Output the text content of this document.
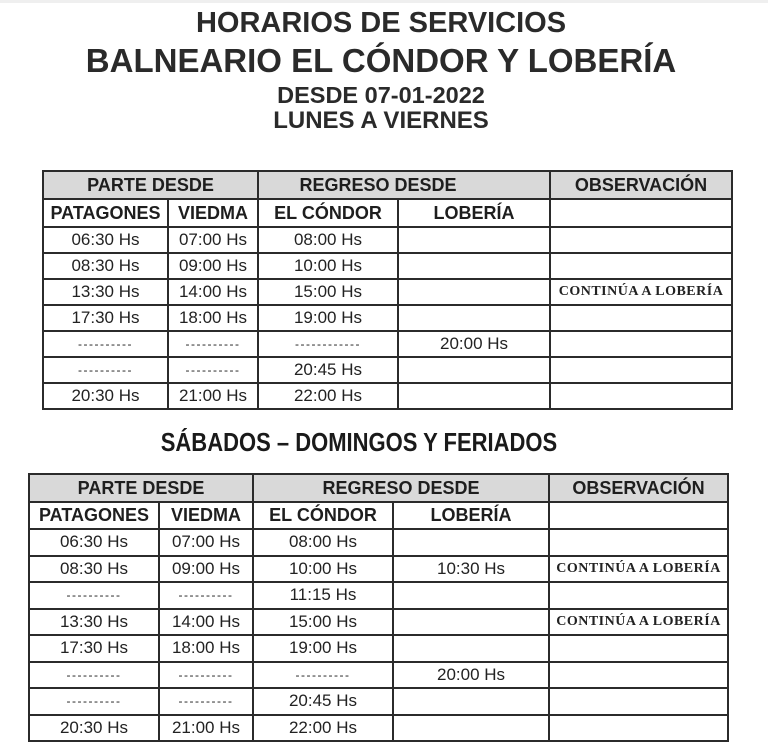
HORARIOS DE SERVICIOS
BALNEARIO EL CÓNDOR Y LOBERÍA
DESDE 07-01-2022
LUNES A VIERNES
PARTE DESDE		REGRESO DESDE		OBSERVACIÓN
PATAGONES	VIEDMA	EL CÓNDOR	LOBERÍA	
06:30 Hs	07:00 Hs	08:00 Hs		
08:30 Hs	09:00 Hs	10:00 Hs		
13:30 Hs	14:00 Hs	15:00 Hs		CONTINÚA A LOBERÍA
17:30 Hs	18:00 Hs	19:00 Hs		
----------	----------	------------	20:00 Hs	
----------	----------	20:45 Hs		
20:30 Hs	21:00 Hs	22:00 Hs		
SÁBADOS – DOMINGOS Y FERIADOS
PARTE DESDE		REGRESO DESDE		OBSERVACIÓN
PATAGONES	VIEDMA	EL CÓNDOR	LOBERÍA	
06:30 Hs	07:00 Hs	08:00 Hs		
08:30 Hs	09:00 Hs	10:00 Hs	10:30 Hs	CONTINÚA A LOBERÍA
----------	----------	11:15 Hs		
13:30 Hs	14:00 Hs	15:00 Hs		CONTINÚA A LOBERÍA
17:30 Hs	18:00 Hs	19:00 Hs		
----------	----------	----------	20:00 Hs	
----------	----------	20:45 Hs		
20:30 Hs	21:00 Hs	22:00 Hs		
